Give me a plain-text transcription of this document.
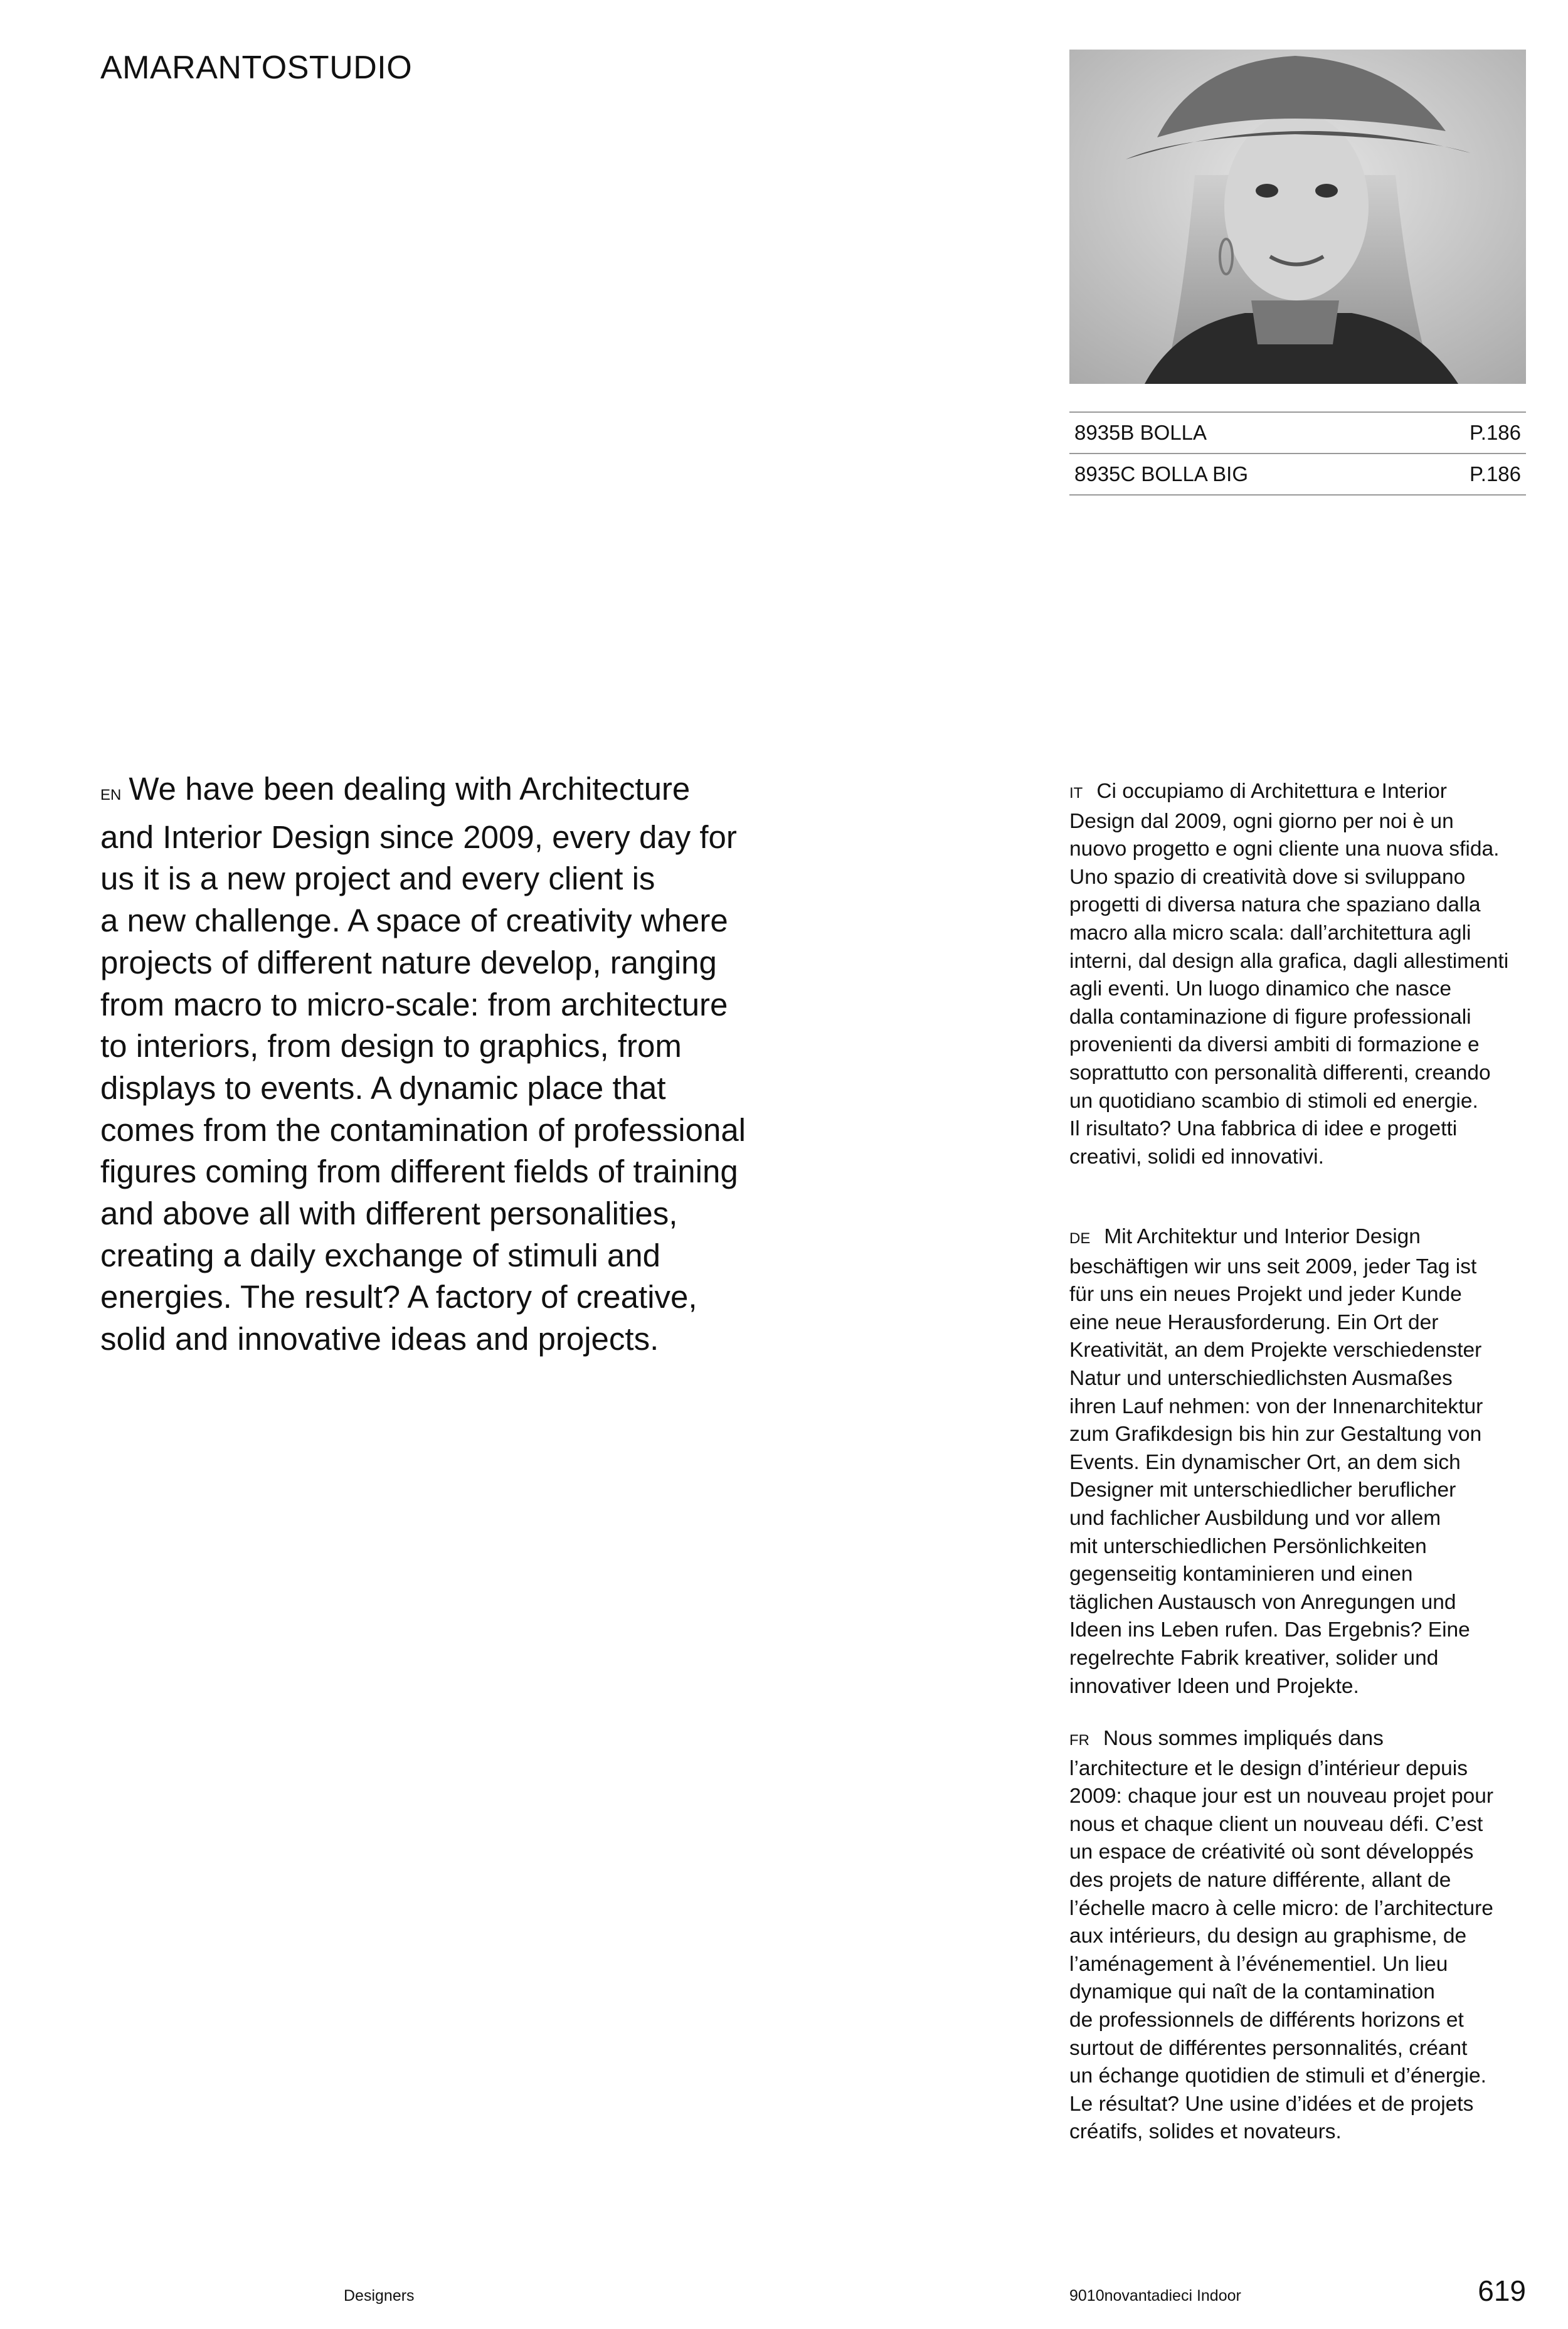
AMARANTOSTUDIO
8935B BOLLA	P.186
8935C BOLLA BIG	P.186
EN We have been dealing with Architecture
and Interior Design since 2009, every day for
us it is a new project and every client is
a new challenge. A space of creativity where
projects of different nature develop, ranging
from macro to micro-scale: from architecture
to interiors, from design to graphics, from
displays to events. A dynamic place that
comes from the contamination of professional
figures coming from different fields of training
and above all with different personalities,
creating a daily exchange of stimuli and
energies. The result? A factory of creative,
solid and innovative ideas and projects.
IT Ci occupiamo di Architettura e Interior
Design dal 2009, ogni giorno per noi è un
nuovo progetto e ogni cliente una nuova sfida.
Uno spazio di creatività dove si sviluppano
progetti di diversa natura che spaziano dalla
macro alla micro scala: dall’architettura agli
interni, dal design alla grafica, dagli allestimenti
agli eventi. Un luogo dinamico che nasce
dalla contaminazione di figure professionali
provenienti da diversi ambiti di formazione e
soprattutto con personalità differenti, creando
un quotidiano scambio di stimoli ed energie.
Il risultato? Una fabbrica di idee e progetti
creativi, solidi ed innovativi.
DE Mit Architektur und Interior Design
beschäftigen wir uns seit 2009, jeder Tag ist
für uns ein neues Projekt und jeder Kunde
eine neue Herausforderung. Ein Ort der
Kreativität, an dem Projekte verschiedenster
Natur und unterschiedlichsten Ausmaßes
ihren Lauf nehmen: von der Innenarchitektur
zum Grafikdesign bis hin zur Gestaltung von
Events. Ein dynamischer Ort, an dem sich
Designer mit unterschiedlicher beruflicher
und fachlicher Ausbildung und vor allem
mit unterschiedlichen Persönlichkeiten
gegenseitig kontaminieren und einen
täglichen Austausch von Anregungen und
Ideen ins Leben rufen. Das Ergebnis? Eine
regelrechte Fabrik kreativer, solider und
innovativer Ideen und Projekte.
FR Nous sommes impliqués dans
l’architecture et le design d’intérieur depuis
2009: chaque jour est un nouveau projet pour
nous et chaque client un nouveau défi. C’est
un espace de créativité où sont développés
des projets de nature différente, allant de
l’échelle macro à celle micro: de l’architecture
aux intérieurs, du design au graphisme, de
l’aménagement à l’événementiel. Un lieu
dynamique qui naît de la contamination
de professionnels de différents horizons et
surtout de différentes personnalités, créant
un échange quotidien de stimuli et d’énergie.
Le résultat? Une usine d’idées et de projets
créatifs, solides et novateurs.
Designers	9010novantadieci Indoor	619
